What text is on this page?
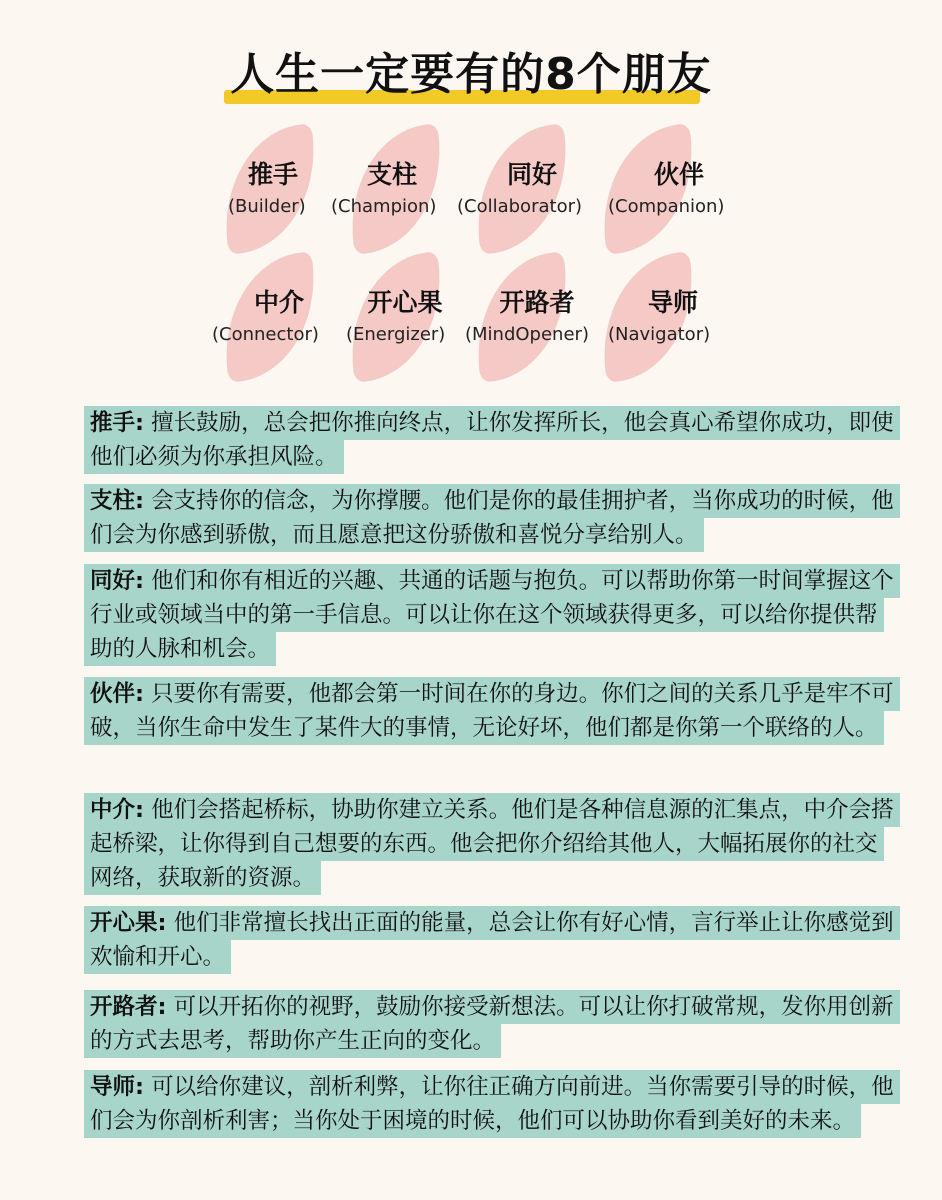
人生一定要有的8个朋友
推手	支柱	同好	伙伴
(Builder) (Champion) (Collaborator) (Companion)
中介	开心果	开路者	导师
(Connector) (Energizer) (MindOpener) (Navigator)
推手: 擅长鼓励，总会把你推向终点，让你发挥所长，他会真心希望你成功，即使他们必须为你承担风险。
支柱: 会支持你的信念，为你撑腰。他们是你的最佳拥护者，当你成功的时候，他们会为你感到骄傲，而且愿意把这份骄傲和喜悦分享给别人。
同好: 他们和你有相近的兴趣、共通的话题与抱负。可以帮助你第一时间掌握这个行业或领域当中的第一手信息。可以让你在这个领域获得更多，可以给你提供帮助的人脉和机会。
伙伴: 只要你有需要，他都会第一时间在你的身边。你们之间的关系几乎是牢不可破，当你生命中发生了某件大的事情，无论好坏，他们都是你第一个联络的人。
中介: 他们会搭起桥标，协助你建立关系。他们是各种信息源的汇集点，中介会搭起桥梁，让你得到自己想要的东西。他会把你介绍给其他人，大幅拓展你的社交网络，获取新的资源。
开心果: 他们非常擅长找出正面的能量，总会让你有好心情，言行举止让你感觉到欢愉和开心。
开路者: 可以开拓你的视野，鼓励你接受新想法。可以让你打破常规，发你用创新的方式去思考，帮助你产生正向的变化。
导师: 可以给你建议，剖析利弊，让你往正确方向前进。当你需要引导的时候，他们会为你剖析利害；当你处于困境的时候，他们可以协助你看到美好的未来。
